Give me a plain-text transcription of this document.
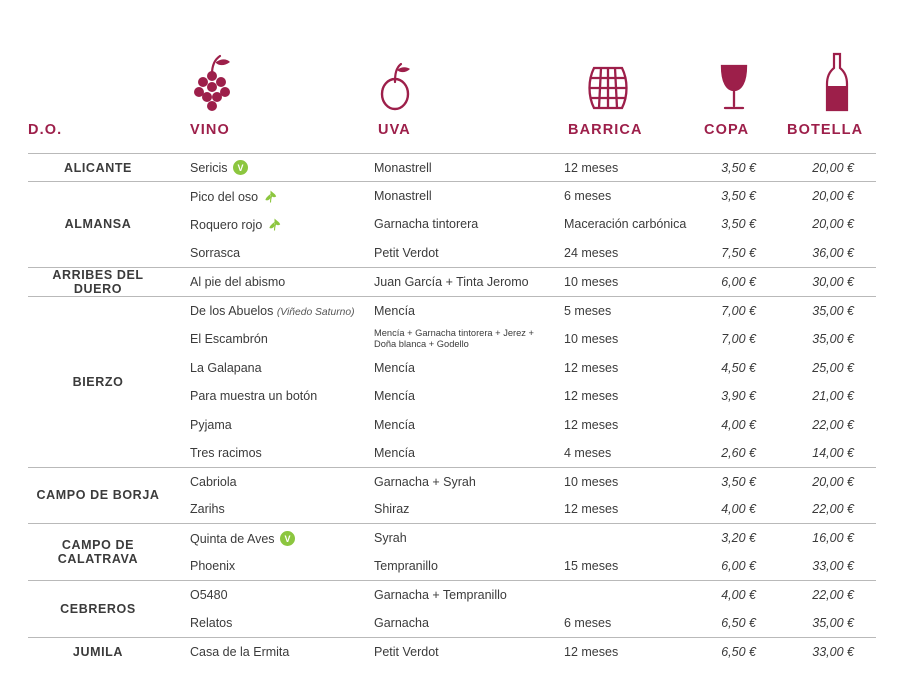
D.O.	VINO	UVA	BARRICA	COPA	BOTELLA
ALICANTE	Sericis V	Monastrell	12 meses	3,50 €	20,00 €
ALMANSA	Pico del oso	Monastrell	6 meses	3,50 €	20,00 €
	Roquero rojo	Garnacha tintorera	Maceración carbónica	3,50 €	20,00 €
	Sorrasca	Petit Verdot	24 meses	7,50 €	36,00 €
ARRIBES DEL DUERO	Al pie del abismo	Juan García + Tinta Jeromo	10 meses	6,00 €	30,00 €
BIERZO	De los Abuelos (Viñedo Saturno)	Mencía	5 meses	7,00 €	35,00 €
	El Escambrón	Mencía + Garnacha tintorera + Jerez + Doña blanca + Godello	10 meses	7,00 €	35,00 €
	La Galapana	Mencía	12 meses	4,50 €	25,00 €
	Para muestra un botón	Mencía	12 meses	3,90 €	21,00 €
	Pyjama	Mencía	12 meses	4,00 €	22,00 €
	Tres racimos	Mencía	4 meses	2,60 €	14,00 €
CAMPO DE BORJA	Cabriola	Garnacha + Syrah	10 meses	3,50 €	20,00 €
	Zarihs	Shiraz	12 meses	4,00 €	22,00 €
CAMPO DE CALATRAVA	Quinta de Aves V	Syrah		3,20 €	16,00 €
	Phoenix	Tempranillo	15 meses	6,00 €	33,00 €
CEBREROS	O5480	Garnacha + Tempranillo		4,00 €	22,00 €
	Relatos	Garnacha	6 meses	6,50 €	35,00 €
JUMILA	Casa de la Ermita	Petit Verdot	12 meses	6,50 €	33,00 €
